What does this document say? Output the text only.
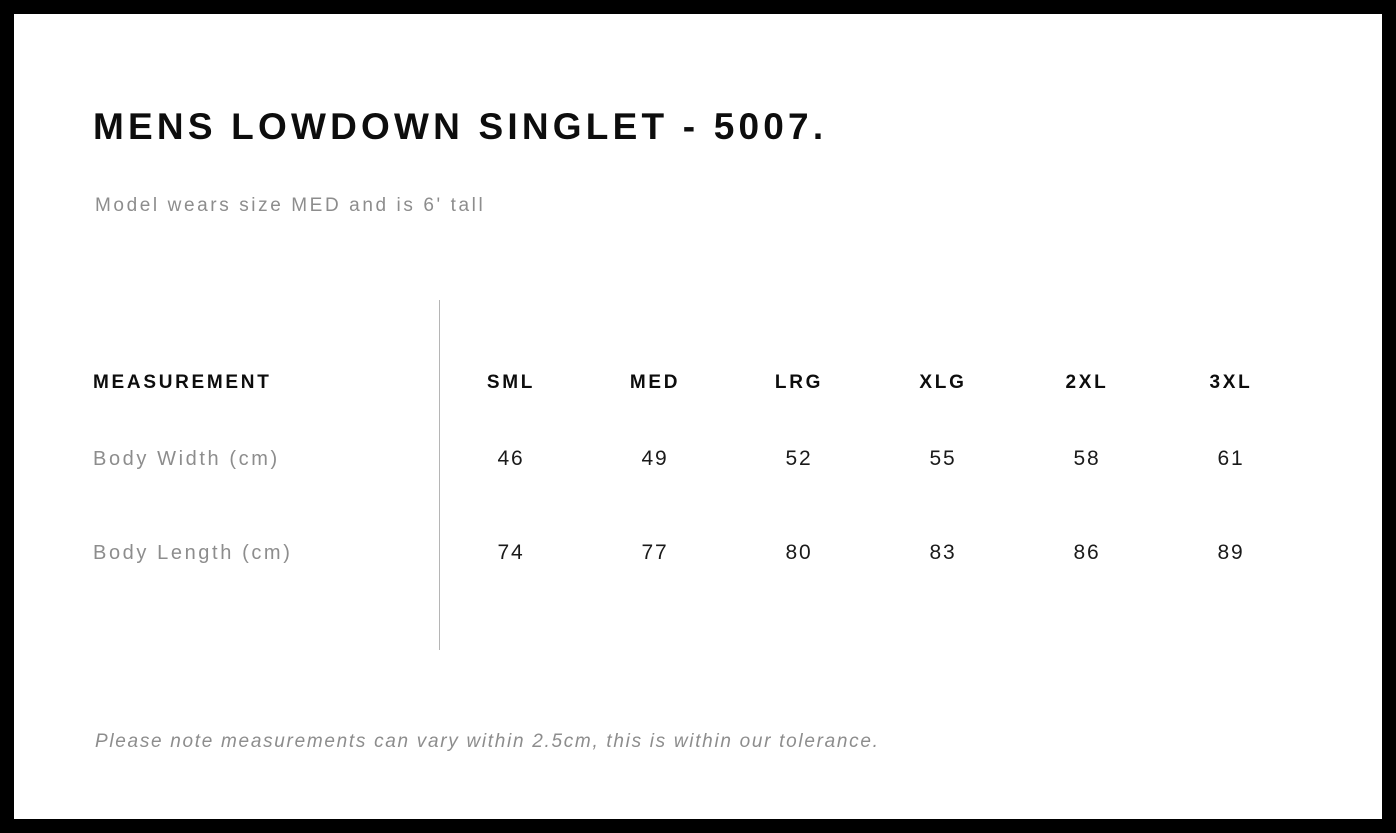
MENS LOWDOWN SINGLET - 5007.
Model wears size MED and is 6' tall
MEASUREMENT	SML	MED	LRG	XLG	2XL	3XL
Body Width (cm)	46	49	52	55	58	61
Body Length (cm)	74	77	80	83	86	89
Please note measurements can vary within 2.5cm, this is within our tolerance.
